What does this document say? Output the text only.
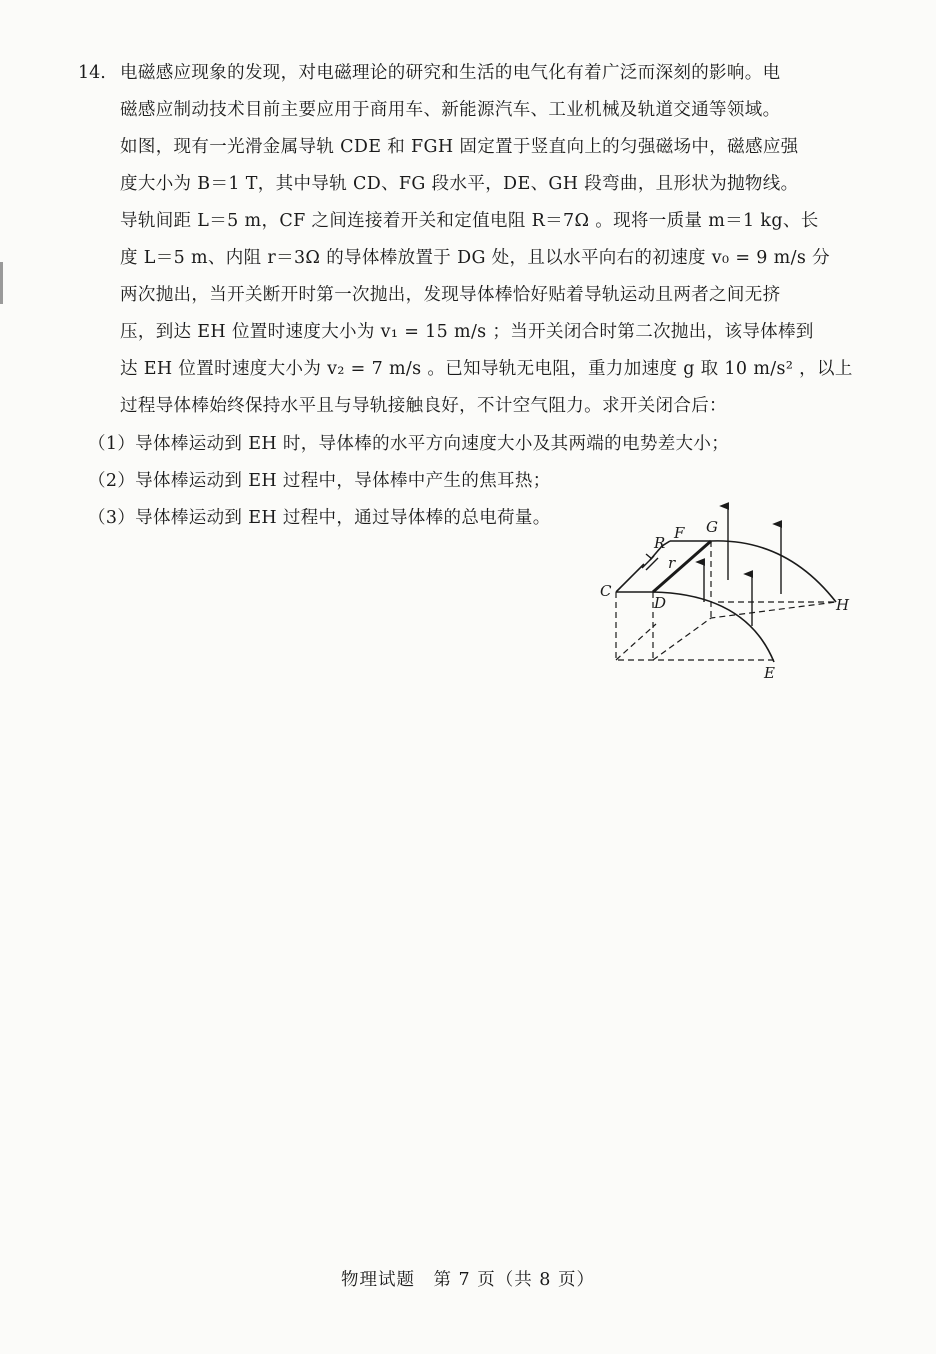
14. 电磁感应现象的发现，对电磁理论的研究和生活的电气化有着广泛而深刻的影响。电
磁感应制动技术目前主要应用于商用车、新能源汽车、工业机械及轨道交通等领域。
如图，现有一光滑金属导轨 CDE 和 FGH 固定置于竖直向上的匀强磁场中，磁感应强
度大小为 B＝1 T，其中导轨 CD、FG 段水平，DE、GH 段弯曲，且形状为抛物线。
导轨间距 L＝5 m，CF 之间连接着开关和定值电阻 R＝7Ω 。现将一质量 m＝1 kg、长
度 L＝5 m、内阻 r＝3Ω 的导体棒放置于 DG 处，且以水平向右的初速度 v₀ = 9 m/s 分
两次抛出，当开关断开时第一次抛出，发现导体棒恰好贴着导轨运动且两者之间无挤
压，到达 EH 位置时速度大小为 v₁ = 15 m/s ；当开关闭合时第二次抛出，该导体棒到
达 EH 位置时速度大小为 v₂ = 7 m/s 。已知导轨无电阻，重力加速度 g 取 10 m/s² ，以上
过程导体棒始终保持水平且与导轨接触良好，不计空气阻力。求开关闭合后：
（1）导体棒运动到 EH 时，导体棒的水平方向速度大小及其两端的电势差大小；
（2）导体棒运动到 EH 过程中，导体棒中产生的焦耳热；
（3）导体棒运动到 EH 过程中，通过导体棒的总电荷量。
C
D
E
F G
H
R
r
物理试题　第 7 页（共 8 页）
